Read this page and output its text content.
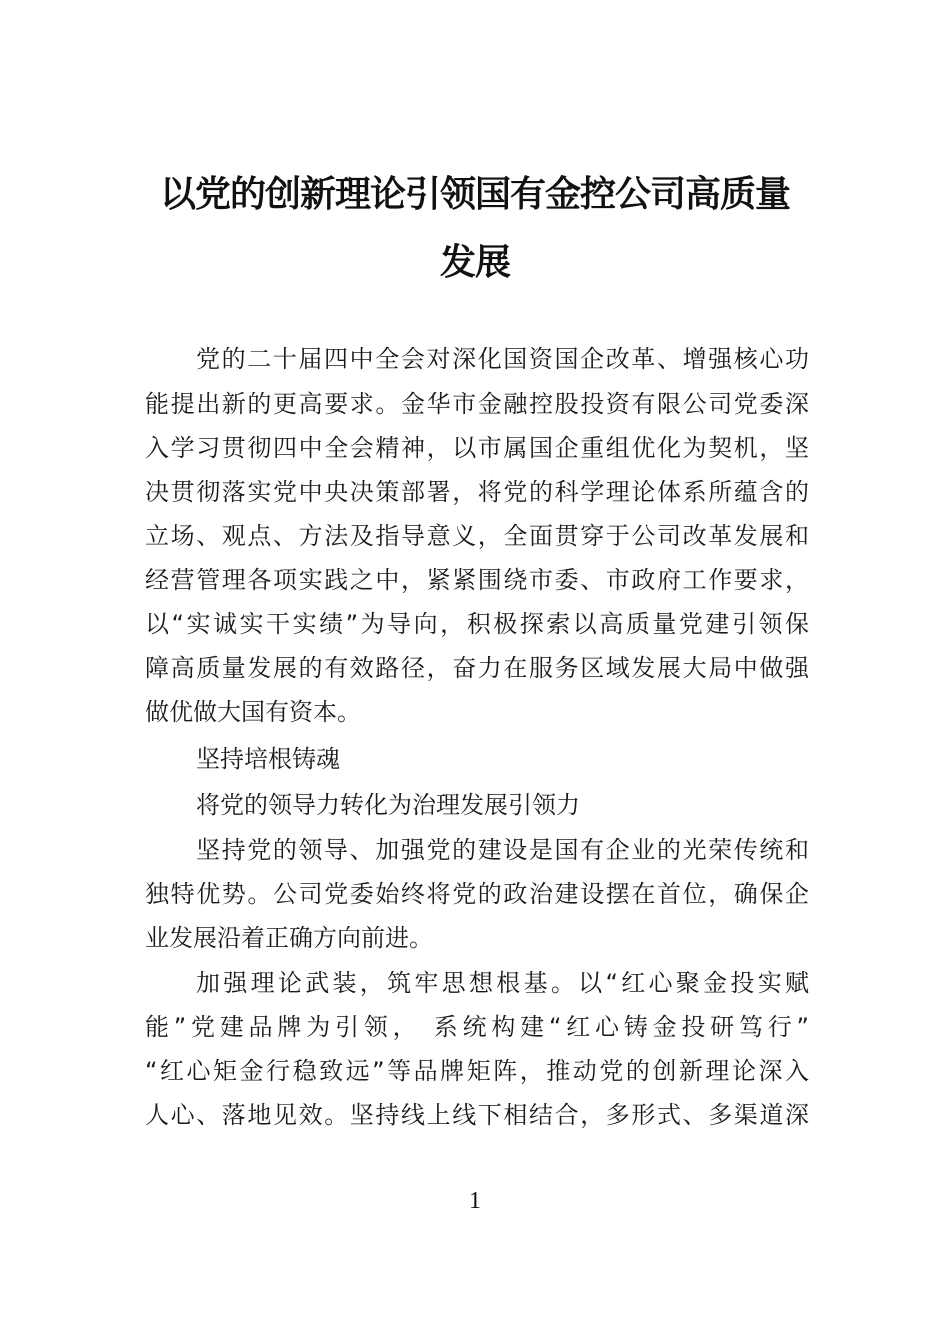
以党的创新理论引领国有金控公司高质量
发展
党的二十届四中全会对深化国资国企改革、增强核心功
能提出新的更高要求。金华市金融控股投资有限公司党委深
入学习贯彻四中全会精神，以市属国企重组优化为契机，坚
决贯彻落实党中央决策部署，将党的科学理论体系所蕴含的
立场、观点、方法及指导意义，全面贯穿于公司改革发展和
经营管理各项实践之中，紧紧围绕市委、市政府工作要求，
以“实诚实干实绩”为导向，积极探索以高质量党建引领保
障高质量发展的有效路径，奋力在服务区域发展大局中做强
做优做大国有资本。
坚持培根铸魂
将党的领导力转化为治理发展引领力
坚持党的领导、加强党的建设是国有企业的光荣传统和
独特优势。公司党委始终将党的政治建设摆在首位，确保企
业发展沿着正确方向前进。
加强理论武装，筑牢思想根基。以“红心聚金投实赋
能”党建品牌为引领， 系统构建“红心铸金投研笃行”
“红心矩金行稳致远”等品牌矩阵，推动党的创新理论深入
人心、落地见效。坚持线上线下相结合，多形式、多渠道深
1
